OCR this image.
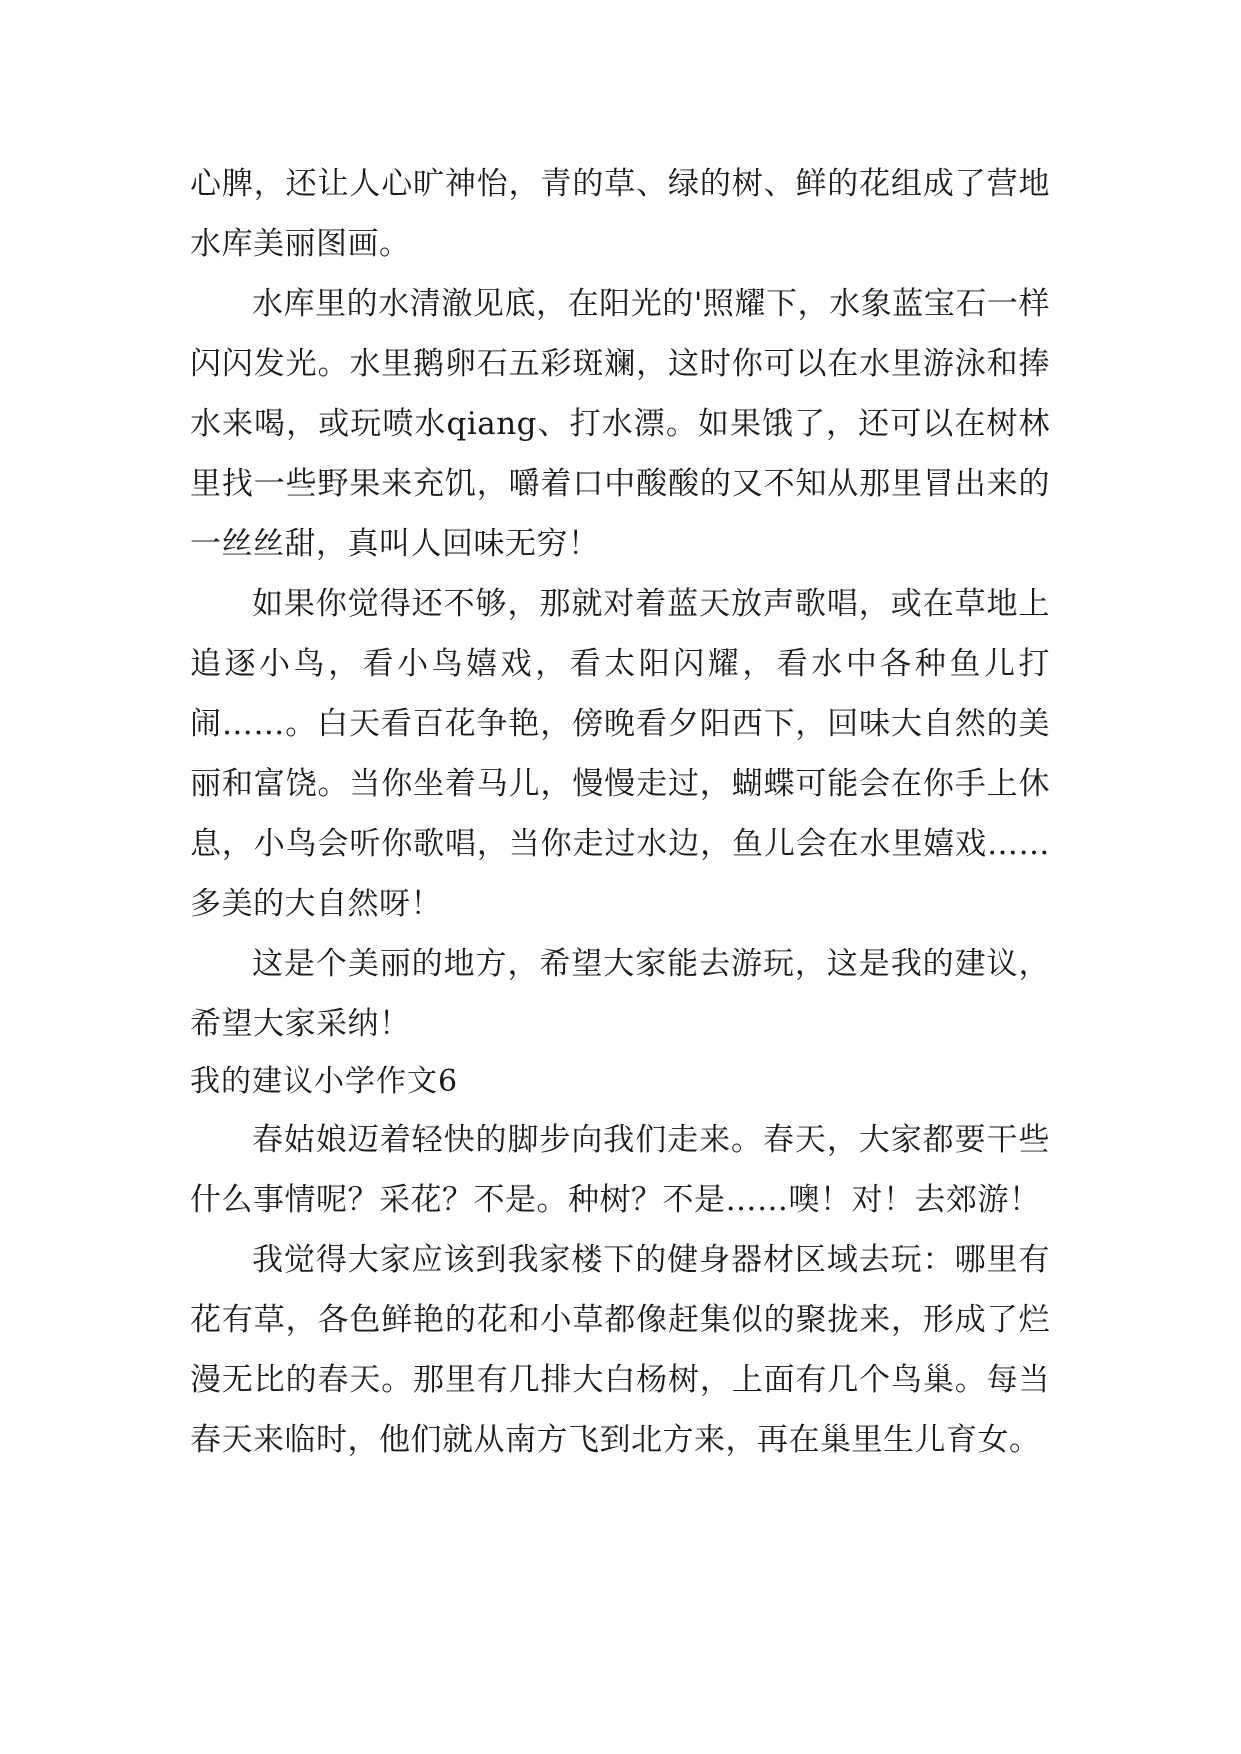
心脾，还让人心旷神怡，青的草、绿的树、鲜的花组成了营地水库美丽图画。

水库里的水清澈见底，在阳光的'照耀下，水象蓝宝石一样闪闪发光。水里鹅卵石五彩斑斓，这时你可以在水里游泳和捧水来喝，或玩喷水qiang、打水漂。如果饿了，还可以在树林里找一些野果来充饥，嚼着口中酸酸的又不知从那里冒出来的一丝丝甜，真叫人回味无穷！

如果你觉得还不够，那就对着蓝天放声歌唱，或在草地上追逐小鸟，看小鸟嬉戏，看太阳闪耀，看水中各种鱼儿打闹……。白天看百花争艳，傍晚看夕阳西下，回味大自然的美丽和富饶。当你坐着马儿，慢慢走过，蝴蝶可能会在你手上休息，小鸟会听你歌唱，当你走过水边，鱼儿会在水里嬉戏……多美的大自然呀！

这是个美丽的地方，希望大家能去游玩，这是我的建议，希望大家采纳！

我的建议小学作文6

春姑娘迈着轻快的脚步向我们走来。春天，大家都要干些什么事情呢？采花？不是。种树？不是……噢！对！去郊游！

我觉得大家应该到我家楼下的健身器材区域去玩：哪里有花有草，各色鲜艳的花和小草都像赶集似的聚拢来，形成了烂漫无比的春天。那里有几排大白杨树，上面有几个鸟巢。每当春天来临时，他们就从南方飞到北方来，再在巢里生儿育女。
